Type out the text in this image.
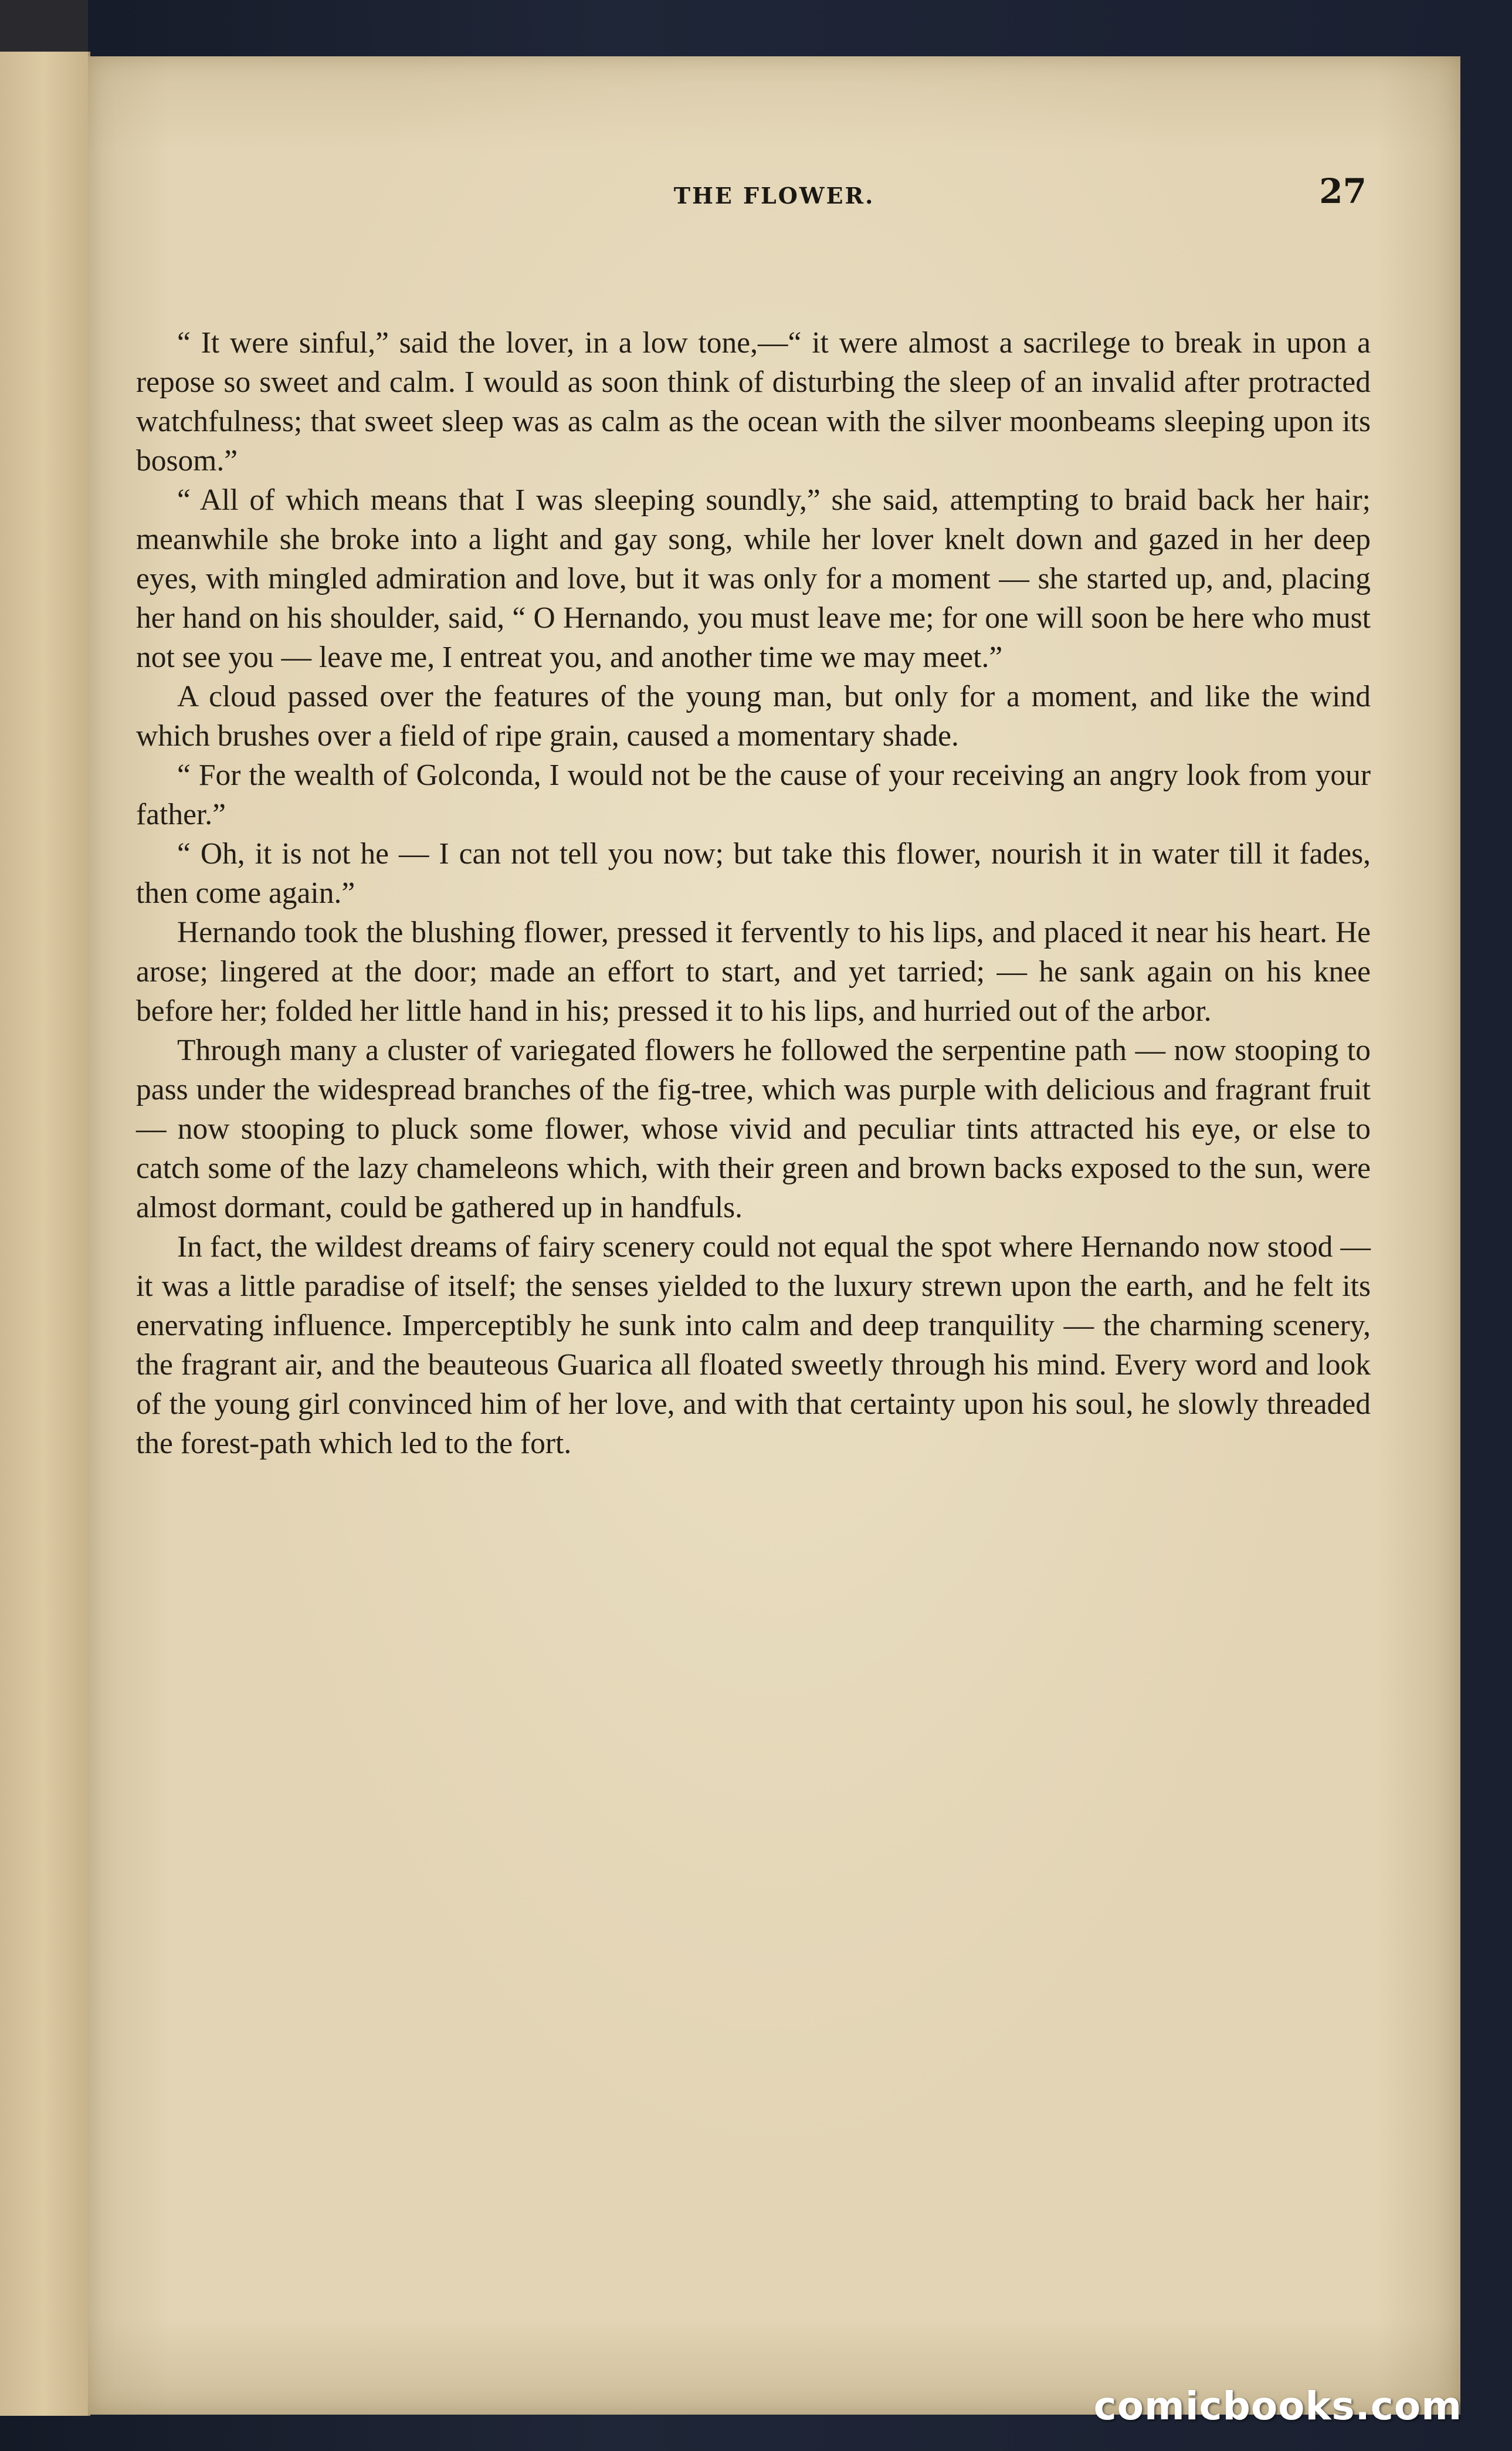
THE FLOWER.	27

“ It were sinful,” said the lover, in a low tone,—“ it were almost a sacrilege to break in upon a repose so sweet and calm. I would as soon think of disturbing the sleep of an invalid after protracted watchfulness; that sweet sleep was as calm as the ocean with the silver moonbeams sleeping upon its bosom.”

“ All of which means that I was sleeping soundly,” she said, attempting to braid back her hair; meanwhile she broke into a light and gay song, while her lover knelt down and gazed in her deep eyes, with mingled admiration and love, but it was only for a moment — she started up, and, placing her hand on his shoulder, said, “ O Hernando, you must leave me; for one will soon be here who must not see you — leave me, I entreat you, and another time we may meet.”

A cloud passed over the features of the young man, but only for a moment, and like the wind which brushes over a field of ripe grain, caused a momentary shade.

“ For the wealth of Golconda, I would not be the cause of your receiving an angry look from your father.”

“ Oh, it is not he — I can not tell you now; but take this flower, nourish it in water till it fades, then come again.”

Hernando took the blushing flower, pressed it fervently to his lips, and placed it near his heart. He arose; lingered at the door; made an effort to start, and yet tarried; — he sank again on his knee before her; folded her little hand in his; pressed it to his lips, and hurried out of the arbor.

Through many a cluster of variegated flowers he followed the serpentine path — now stooping to pass under the widespread branches of the fig-tree, which was purple with delicious and fragrant fruit — now stooping to pluck some flower, whose vivid and peculiar tints attracted his eye, or else to catch some of the lazy chameleons which, with their green and brown backs exposed to the sun, were almost dormant, could be gathered up in handfuls.

In fact, the wildest dreams of fairy scenery could not equal the spot where Hernando now stood — it was a little paradise of itself; the senses yielded to the luxury strewn upon the earth, and he felt its enervating influence. Imperceptibly he sunk into calm and deep tranquility — the charming scenery, the fragrant air, and the beauteous Guarica all floated sweetly through his mind. Every word and look of the young girl convinced him of her love, and with that certainty upon his soul, he slowly threaded the forest-path which led to the fort.

comicbooks.com
